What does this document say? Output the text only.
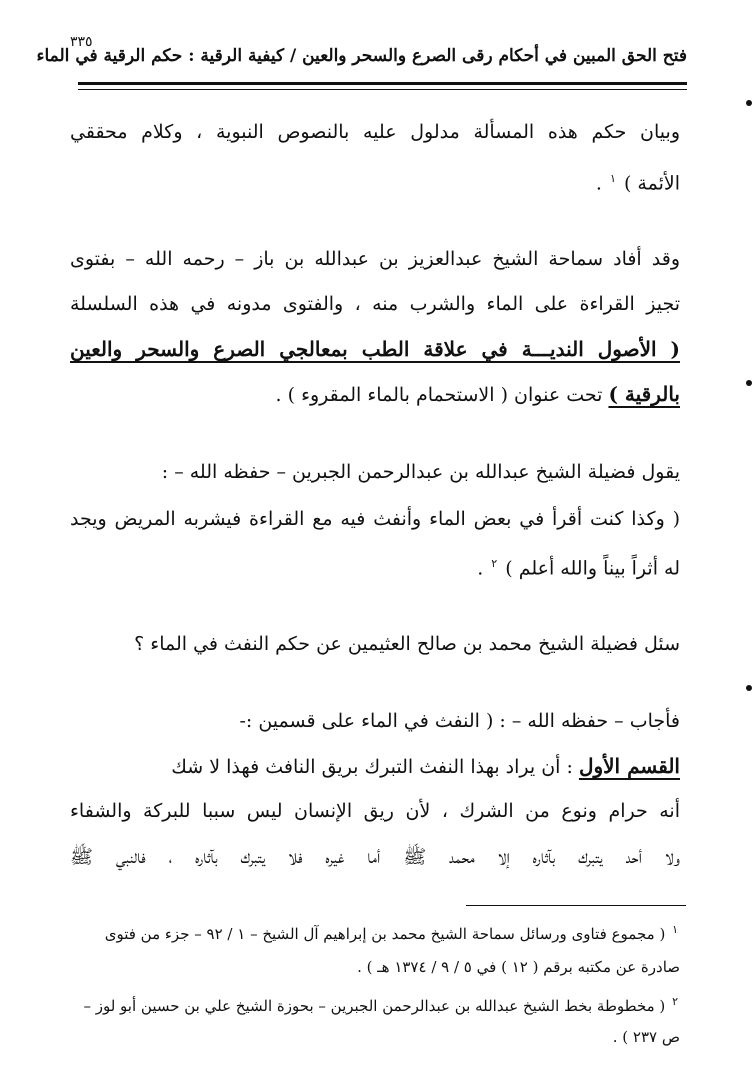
فتح الحق المبين في أحكام رقى الصرع والسحر والعين / كيفية الرقية : حكم الرقية في الماء
٣٣٥
وبيان حكم هذه المسألة مدلول عليه بالنصوص النبوية ، وكلام محققي
الأئمة ) $^١$ .
وقد أفاد سماحة الشيخ عبدالعزيز بن عبدالله بن باز – رحمه الله – بفتوى
تجيز القراءة على الماء والشرب منه ، والفتوى مدونه في هذه السلسلة
( الأصول النديـــة في علاقة الطب بمعالجي الصرع والسحر والعين
بالرقية ) تحت عنوان ( الاستحمام بالماء المقروء ) .
يقول فضيلة الشيخ عبدالله بن عبدالرحمن الجبرين – حفظه الله – :
( وكذا كنت أقرأ في بعض الماء وأنفث فيه مع القراءة فيشربه المريض ويجد
له أثراً بيناً والله أعلم ) $^٢$ .
سئل فضيلة الشيخ محمد بن صالح العثيمين عن حكم النفث في الماء ؟
فأجاب – حفظه الله – : ( النفث في الماء على قسمين :-
القسم الأول : أن يراد بهذا النفث التبرك بريق النافث فهذا لا شك
أنه حرام ونوع من الشرك ، لأن ريق الإنسان ليس سببا للبركة والشفاء
ولا أحد يتبرك بآثاره إلا محمد ﷺ أما غيره فلا يتبرك بآثاره ، فالنبي ﷺ
$^١$ ( مجموع فتاوى ورسائل سماحة الشيخ محمد بن إبراهيم آل الشيخ – ١ / ٩٢ – جزء من فتوى
صادرة عن مكتبه برقم ( ١٢ ) في ٥ / ٩ / ١٣٧٤ هـ ) .
$^٢$ ( مخطوطة بخط الشيخ عبدالله بن عبدالرحمن الجبرين – بحوزة الشيخ علي بن حسين أبو لوز –
ص ٢٣٧ ) .
